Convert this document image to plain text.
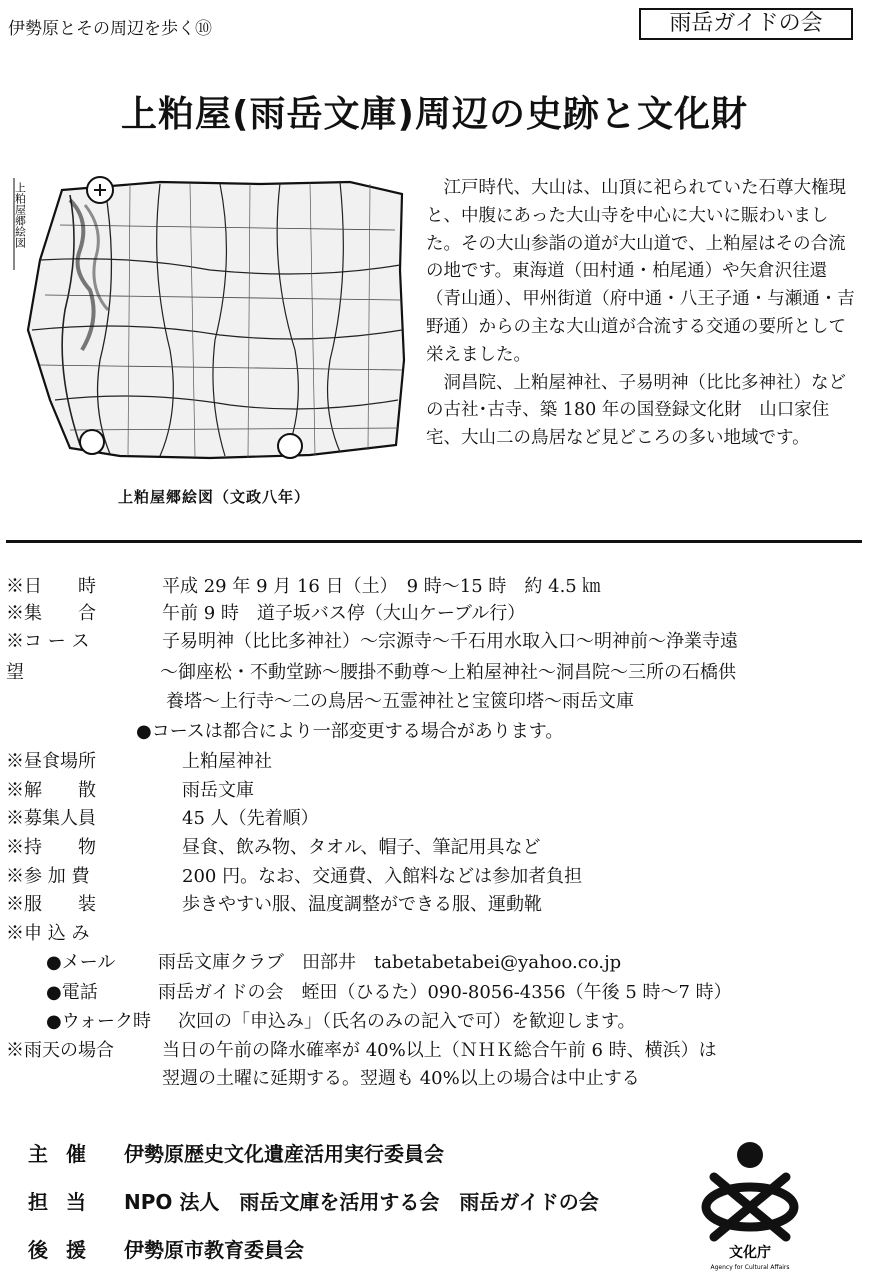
伊勢原とその周辺を歩く⑩	雨岳ガイドの会
上粕屋(雨岳文庫)周辺の史跡と文化財
上粕屋郷絵図
上粕屋郷絵図（文政八年）

江戸時代、大山は、山頂に祀られていた石尊大権現と、中腹にあった大山寺を中心に大いに賑わいました。その大山参詣の道が大山道で、上粕屋はその合流の地です。東海道（田村通・柏尾通）や矢倉沢往還（青山通）、甲州街道（府中通・八王子通・与瀬通・吉野通）からの主な大山道が合流する交通の要所として栄えました。

洞昌院、上粕屋神社、子易明神（比比多神社）などの古社･古寺、築 180 年の国登録文化財　山口家住宅、大山二の鳥居など見どころの多い地域です。

※日　　時	平成 29 年 9 月 16 日（土）　9 時～15 時　約 4.5 ㎞
※集　　合	午前 9 時　道子坂バス停（大山ケーブル行）
※コ ー ス	子易明神（比比多神社）～宗源寺～千石用水取入口～明神前～浄業寺遠
望	～御座松・不動堂跡～腰掛不動尊～上粕屋神社～洞昌院～三所の石橋供
養塔～上行寺～二の鳥居～五霊神社と宝篋印塔～雨岳文庫
●コースは都合により一部変更する場合があります。
※昼食場所	上粕屋神社
※解　　散	雨岳文庫
※募集人員	45 人（先着順）
※持　　物	昼食、飲み物、タオル、帽子、筆記用具など
※参 加 費	200 円。なお、交通費、入館料などは参加者負担
※服　　装	歩きやすい服、温度調整ができる服、運動靴
※申 込 み
●メール 雨岳文庫クラブ　田部井　tabetabetabei@yahoo.co.jp
●電話	雨岳ガイドの会　蛭田（ひるた）090-8056-4356（午後 5 時～7 時）
●ウォーク時 次回の「申込み」（氏名のみの記入で可）を歓迎します。
※雨天の場合	当日の午前の降水確率が 40%以上（ＮＨＫ総合午前 6 時、横浜）は
翌週の土曜に延期する。翌週も 40%以上の場合は中止する
主催 伊勢原歴史文化遺産活用実行委員会
担当 NPO 法人　雨岳文庫を活用する会　雨岳ガイドの会
後援 伊勢原市教育委員会	文化庁
Agency for Cultural Affairs
